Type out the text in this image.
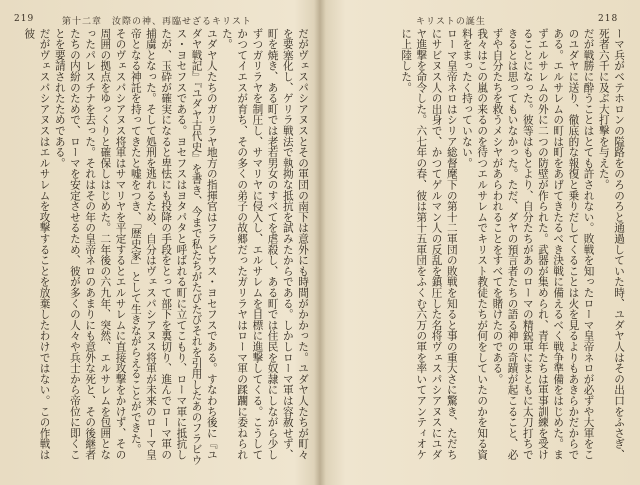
219	第十二章　汝際の神、再臨せざるキリスト

だがヴェスパシアヌスとその軍団の南下は意外にも時間がかかった。ユダヤ人たちが町々を要塞化し、ゲリラ戦法で執拗な抵抗を試みたからである。しかしローマ軍は容赦せず、町を焼き、ある町では老若男女のすべてを虐殺し、ある町では住民を奴隷にしながら少しずつガリラヤを制圧し、サマリヤに侵入し、エルサレムを目標に進撃してくる。こうしてかつてイエスが育ち、その多くの弟子の故郷だったガリラヤはローマ軍の蹂躙に委ねられた。

ユダヤ人たちのガリラヤ地方の指揮官はフラビウス・ヨセフスである。すなわち後に『ユダヤ戦記』『ユダヤ古代史』を書き、今まで私たちがたびたびそれを引用したあのフラビウス・ヨセフスである。ヨセフスはヨタパタと呼ばれる町に立てこもり、ローマ軍に抵抗したが、玉砕が確実になると卑怯にも投降の手段をとって部下を裏切り、進んでローマ軍の捕虜となった。そして処刑を逃れるため、自分はヴェスパシアヌス将軍が未来のローマ皇帝となる神託を持ってきたと嘘をつき、「歴史家」として生きながらえることができた。

そのヴェスパシアヌス将軍はサマリヤを平定するとエルサレムに直接攻撃をかけず、その周囲の拠点をゆっくりと確保しはじめた。二年後の六九年、突然、エルサレムを包囲となったパレスチナを去った。それはその年の皇帝ネロのあまりにも意外な死と、その後継者たちの内紛のためで、ローマを安定させるため、彼が多くの人々や兵士から帝位に即くことを要請されたためである。

だがヴェスパシアヌスはエルサレムを攻撃することを放棄したわけではない。この作戦は彼

キリストの誕生	218

ーマ兵がベテホロンの隘路をのろのろと通過していた時、ユダヤ人はその出口をふさぎ、死者六千に及ぶ大打撃を与えた。

だが戦勝に酔うことはとても許されない。敗戦を知ったローマ皇帝ネロが必ずや大軍をこのユダヤに送り、徹底的な報復と乗りだしてくることは火を見るよりもあきらかだからである。エルサレムの町は町をあげてきたるべき決戦に備えるべく戦争準備をはじめた。まずエルサレムの外に二つの防壁が作られた。武器が集められ、青年たちは軍事訓練を受けることになった。彼等はもとより、自分たちがあのローマの精鋭軍にまともに太刀打ちできるとは思ってもいなかった。ただ、ダヤの預言者たちの語る神の奇蹟が起こること、必ずや自分たちを救うメシヤがあらわれることをすべてを賭けたのである。

我々はこの嵐の来るのを待つエルサレムでキリスト教徒たちが何をしていたのかを知る資料をまったく持っていない。

ローマ皇帝ネロはシリア総督麾下の第十二軍団の敗戦を知ると事の重大さに驚き、ただちにサビヌス人の出身で、かつてゲルマン人の反乱を鎮圧した名将ヴェスパシアヌスにユダヤ進撃を命令した。六七年の春、彼は第十五軍団をふくむ六万の軍を率いてアンティオケに上陸した。
